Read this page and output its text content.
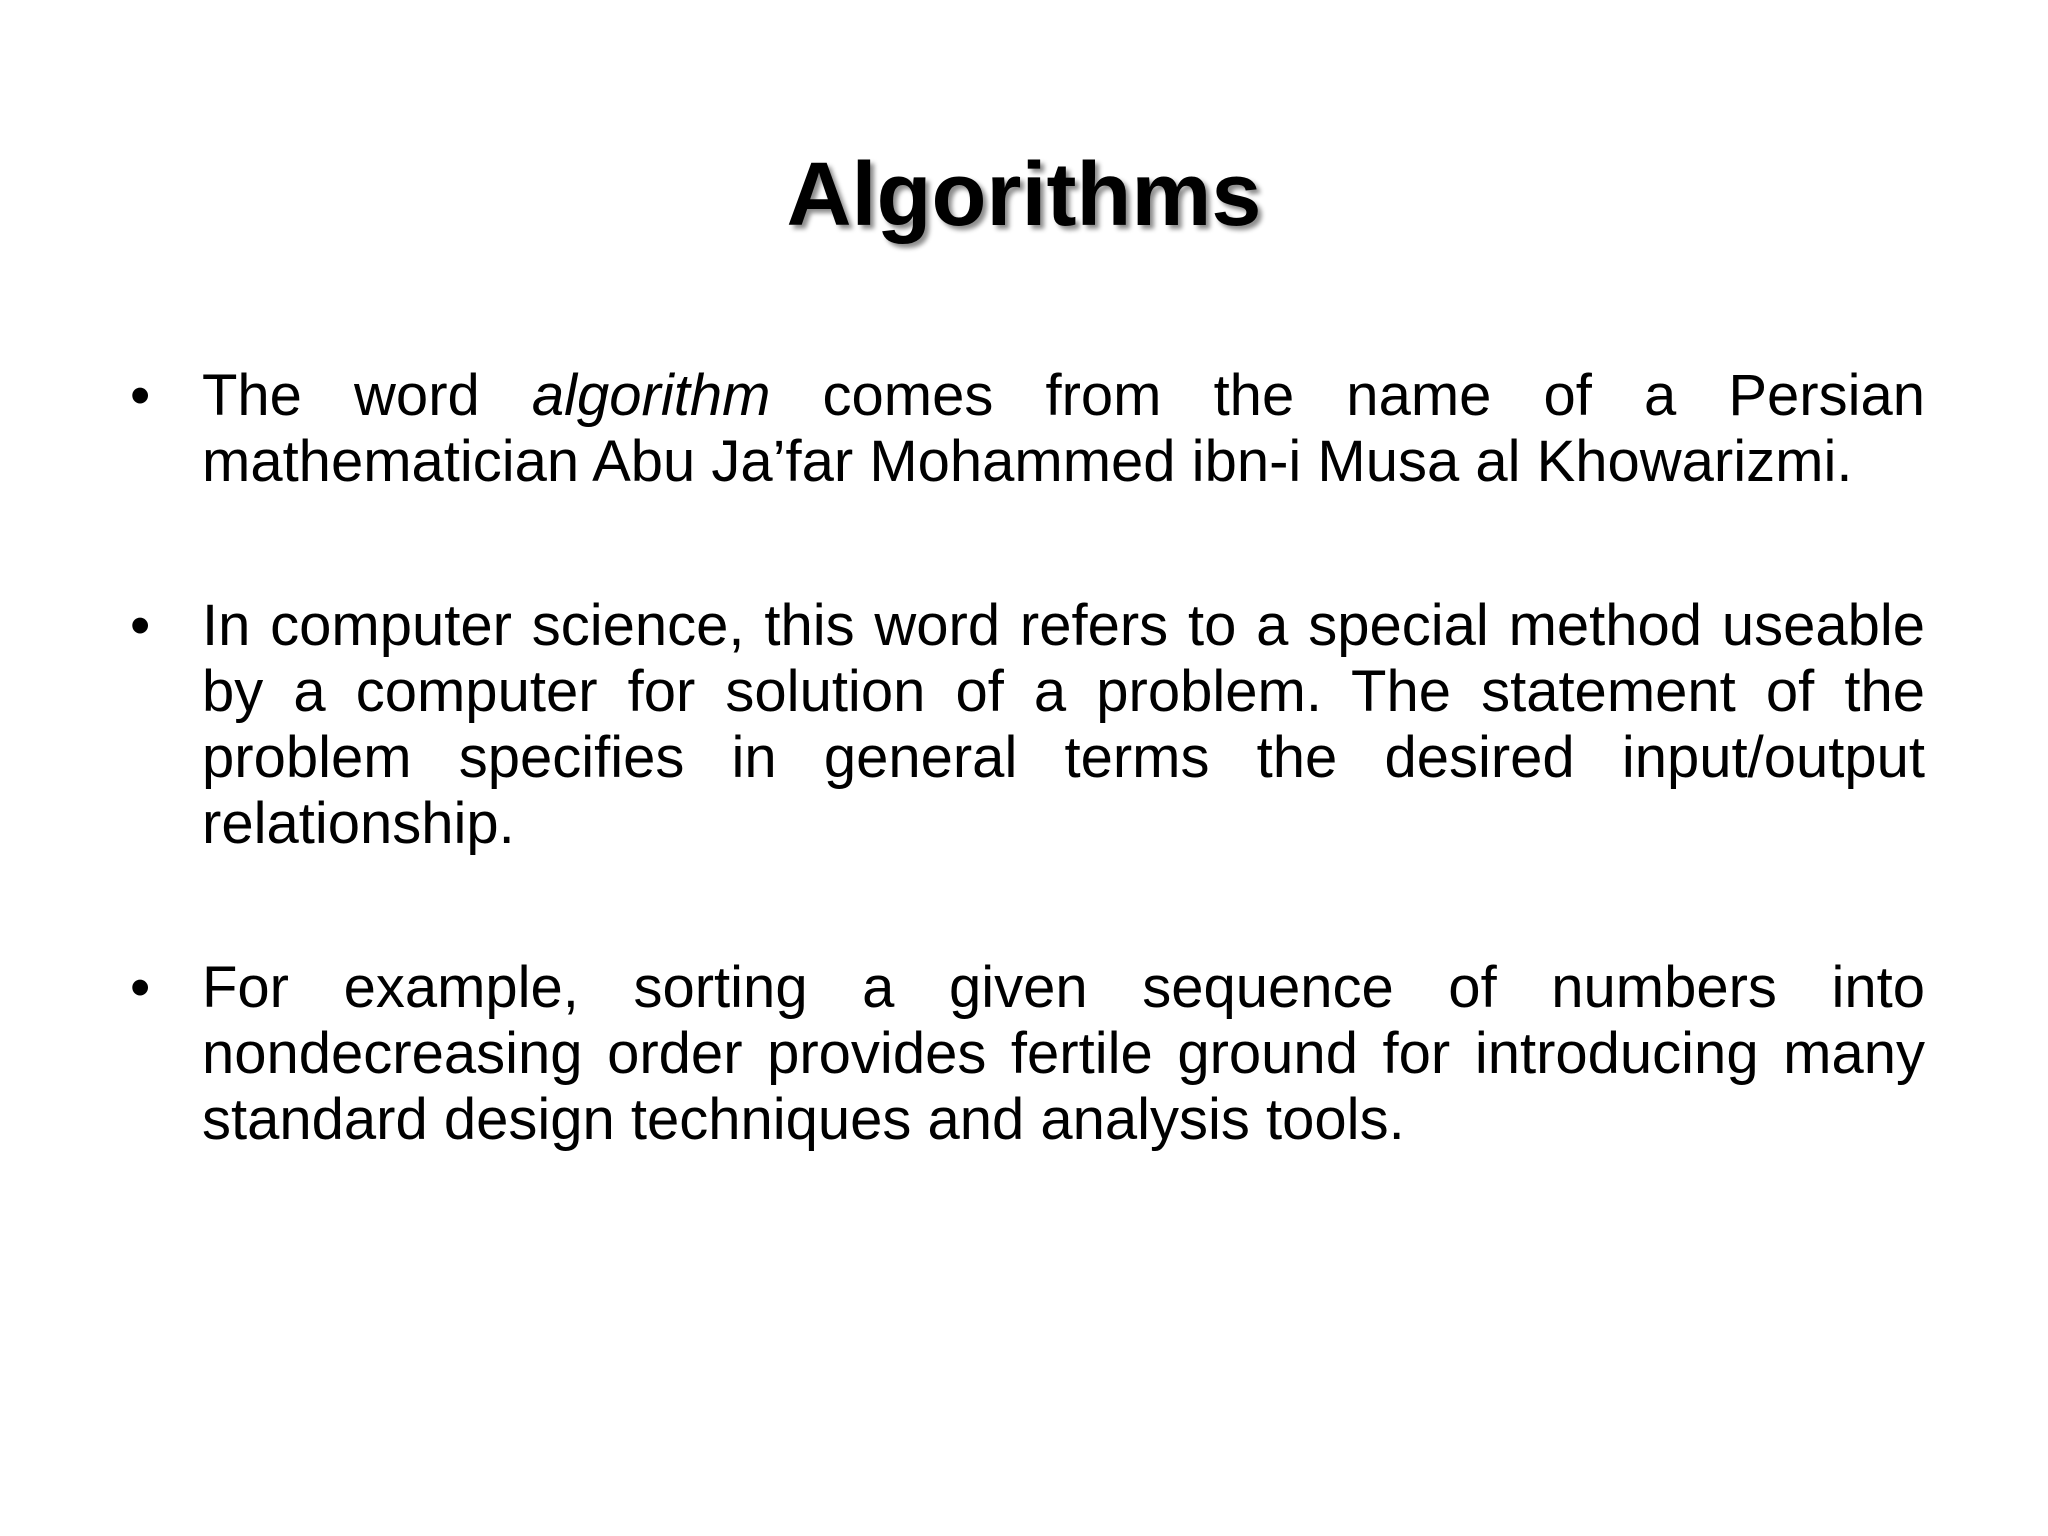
Algorithms
• The word algorithm comes from the name of a Persian mathematician Abu Ja’far Mohammed ibn-i Musa al Khowarizmi.
• In computer science, this word refers to a special method useable by a computer for solution of a problem. The statement of the problem specifies in general terms the desired input/output relationship.
• For example, sorting a given sequence of numbers into nondecreasing order provides fertile ground for introducing many standard design techniques and analysis tools.
